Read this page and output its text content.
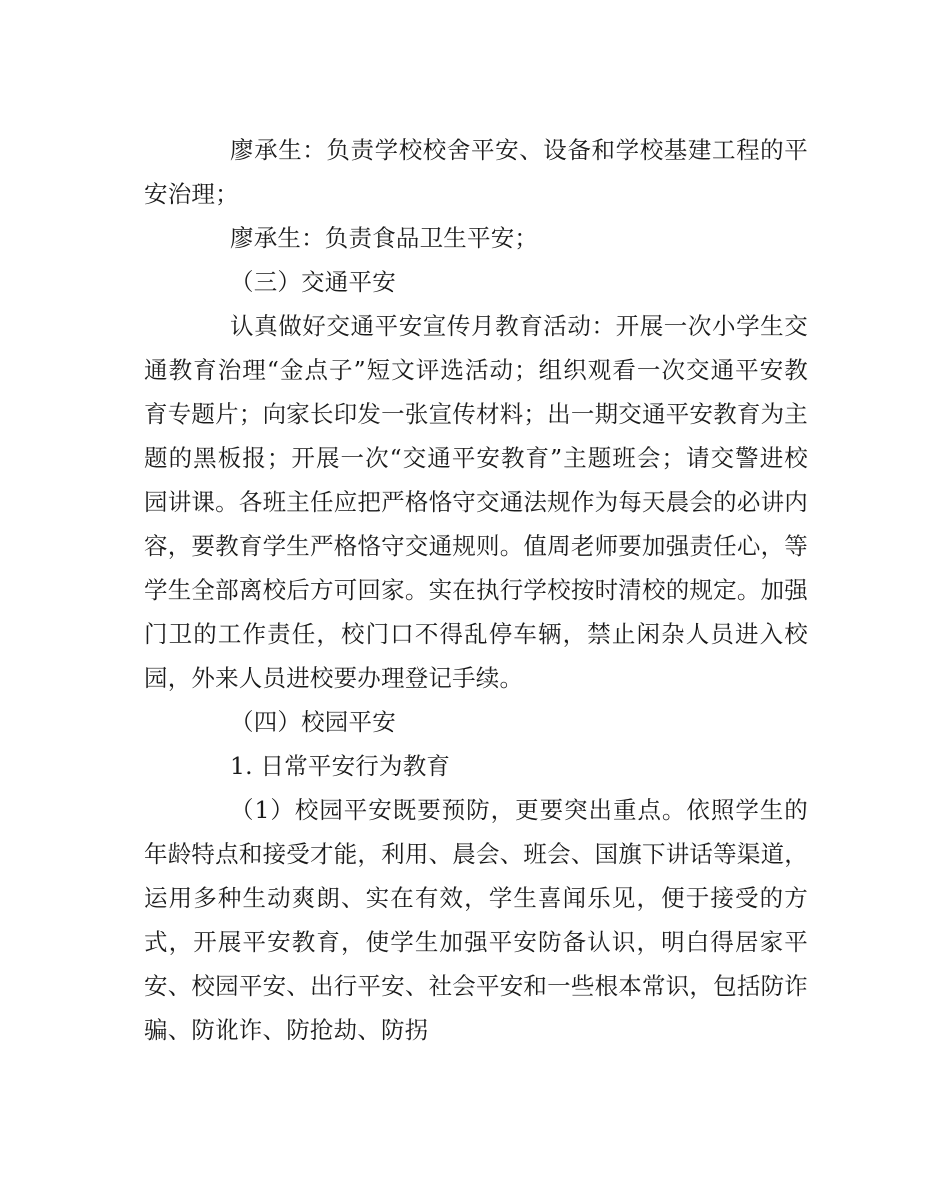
廖承生：负责学校校舍平安、设备和学校基建工程的平安治理；

廖承生：负责食品卫生平安；

（三）交通平安

认真做好交通平安宣传月教育活动：开展一次小学生交通教育治理“金点子”短文评选活动；组织观看一次交通平安教育专题片；向家长印发一张宣传材料；出一期交通平安教育为主题的黑板报；开展一次“交通平安教育”主题班会；请交警进校园讲课。各班主任应把严格恪守交通法规作为每天晨会的必讲内容，要教育学生严格恪守交通规则。值周老师要加强责任心，等学生全部离校后方可回家。实在执行学校按时清校的规定。加强门卫的工作责任，校门口不得乱停车辆，禁止闲杂人员进入校园，外来人员进校要办理登记手续。

（四）校园平安

1. 日常平安行为教育

（1）校园平安既要预防，更要突出重点。依照学生的年龄特点和接受才能，利用、晨会、班会、国旗下讲话等渠道，运用多种生动爽朗、实在有效，学生喜闻乐见，便于接受的方式，开展平安教育，使学生加强平安防备认识，明白得居家平安、校园平安、出行平安、社会平安和一些根本常识，包括防诈骗、防讹诈、防抢劫、防拐
